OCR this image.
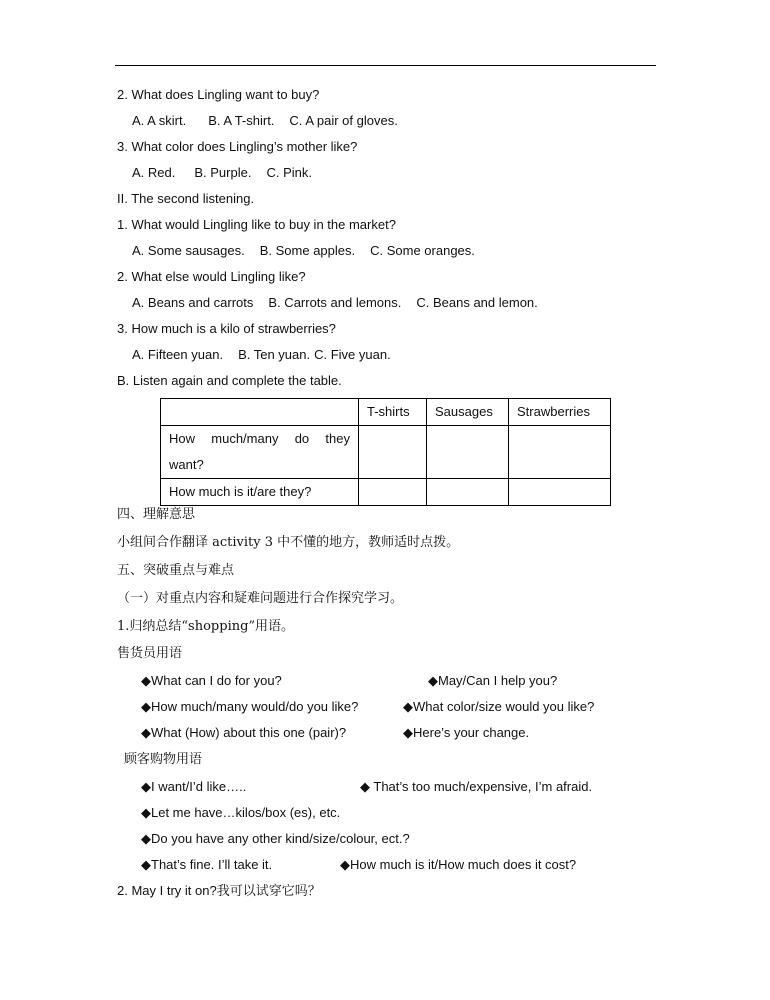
2. What does Lingling want to buy?
A. A skirt. B. A T-shirt. C. A pair of gloves.
3. What color does Lingling’s mother like?
A. Red. B. Purple. C. Pink.
II. The second listening.
1. What would Lingling like to buy in the market?
A. Some sausages. B. Some apples. C. Some oranges.
2. What else would Lingling like?
A. Beans and carrots B. Carrots and lemons. C. Beans and lemon.
3. How much is a kilo of strawberries?
A. Fifteen yuan. B. Ten yuan. C. Five yuan.
B. Listen again and complete the table.
	T-shirts	Sausages	Strawberries
How much/many do they want?			
How much is it/are they?			
四、理解意思
小组间合作翻译 activity 3 中不懂的地方，教师适时点拨。
五、突破重点与难点
（一）对重点内容和疑难问题进行合作探究学习。
1.归纳总结“shopping”用语。
售货员用语
◆What can I do for you?	◆May/Can I help you?
◆How much/many would/do you like?	◆What color/size would you like?
◆What (How) about this one (pair)?	◆Here’s your change.
顾客购物用语
◆I want/I’d like…..	◆ That’s too much/expensive, I’m afraid.
◆Let me have…kilos/box (es), etc.
◆Do you have any other kind/size/colour, ect.?
◆That’s fine. I’ll take it.	◆How much is it/How much does it cost?
2. May I try it on?我可以试穿它吗？
